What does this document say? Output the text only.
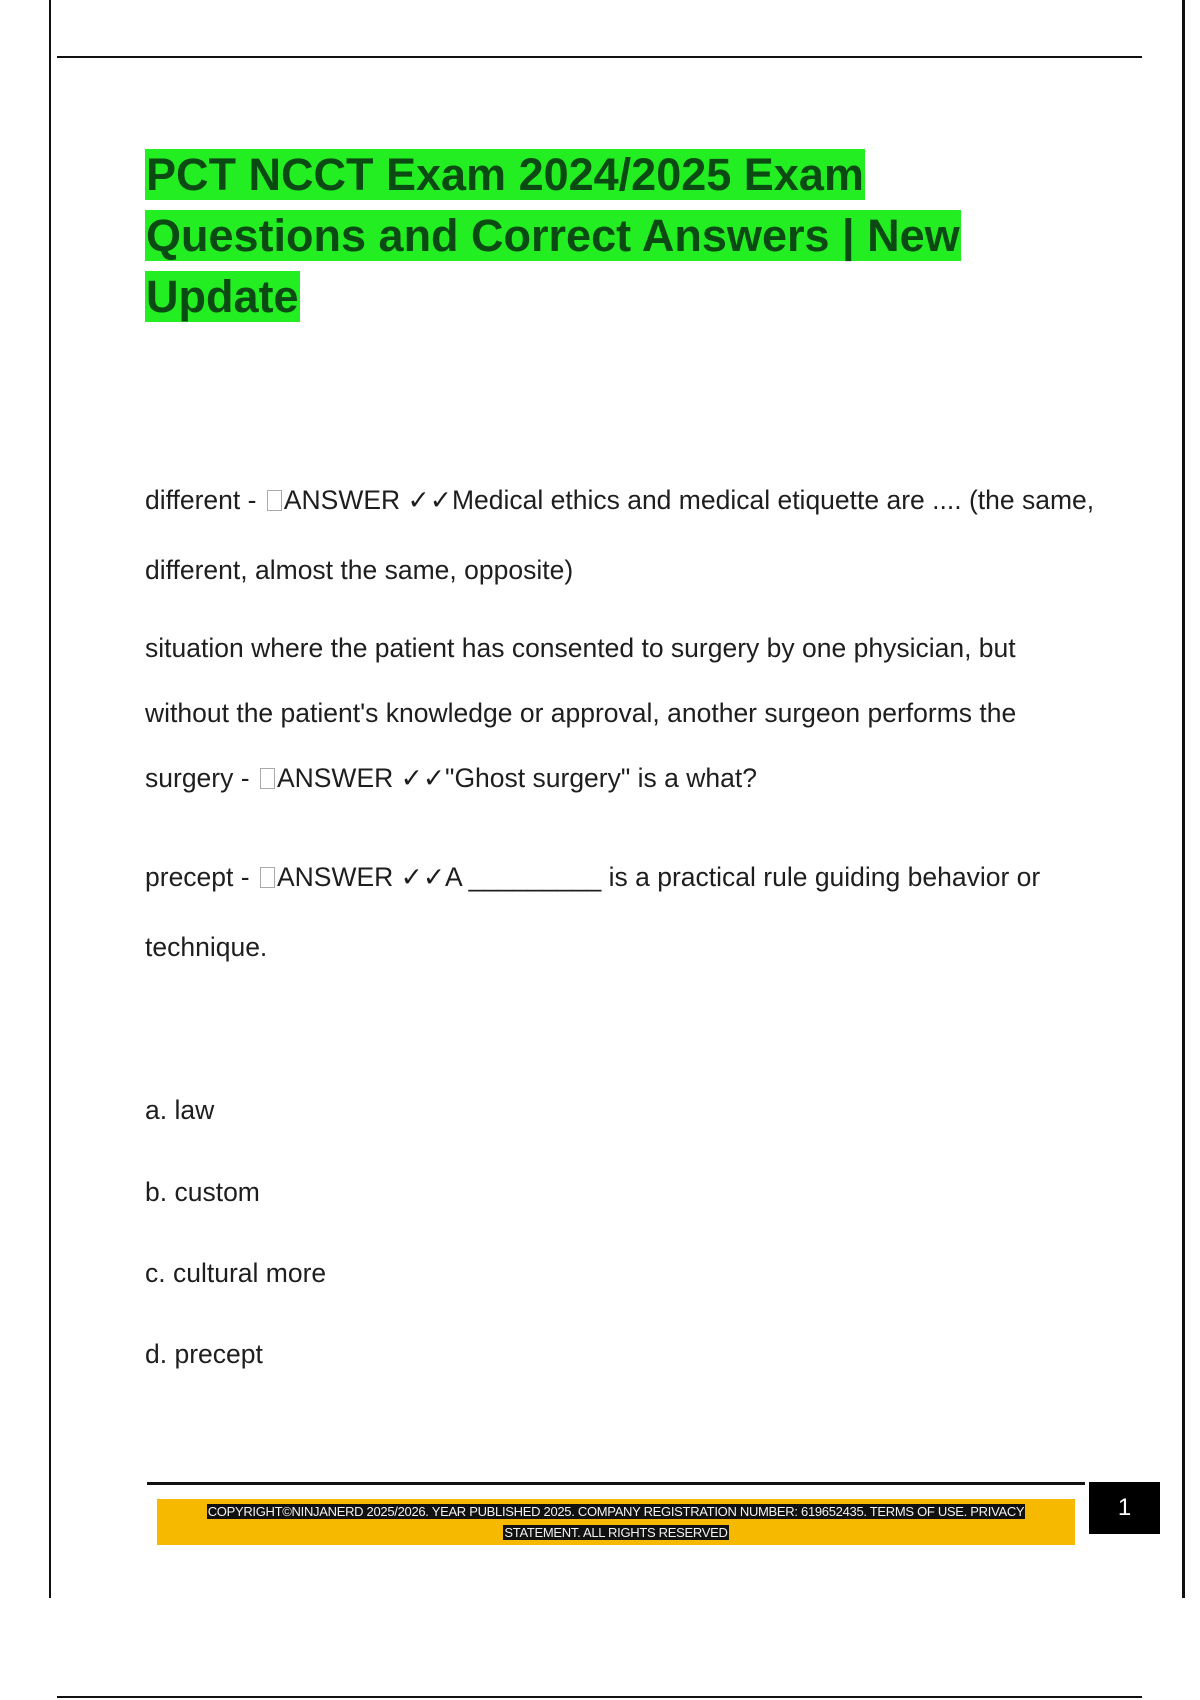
PCT NCCT Exam 2024/2025 Exam
Questions and Correct Answers | New
Update

different - ANSWER ✓✓Medical ethics and medical etiquette are .... (the same, different, almost the same, opposite)

situation where the patient has consented to surgery by one physician, but without the patient's knowledge or approval, another surgeon performs the surgery - ANSWER ✓✓"Ghost surgery" is a what?

precept - ANSWER ✓✓A _________ is a practical rule guiding behavior or technique.

a. law

b. custom

c. cultural more

d. precept

COPYRIGHT©NINJANERD 2025/2026. YEAR PUBLISHED 2025. COMPANY REGISTRATION NUMBER: 619652435. TERMS OF USE. PRIVACY
STATEMENT. ALL RIGHTS RESERVED
1
